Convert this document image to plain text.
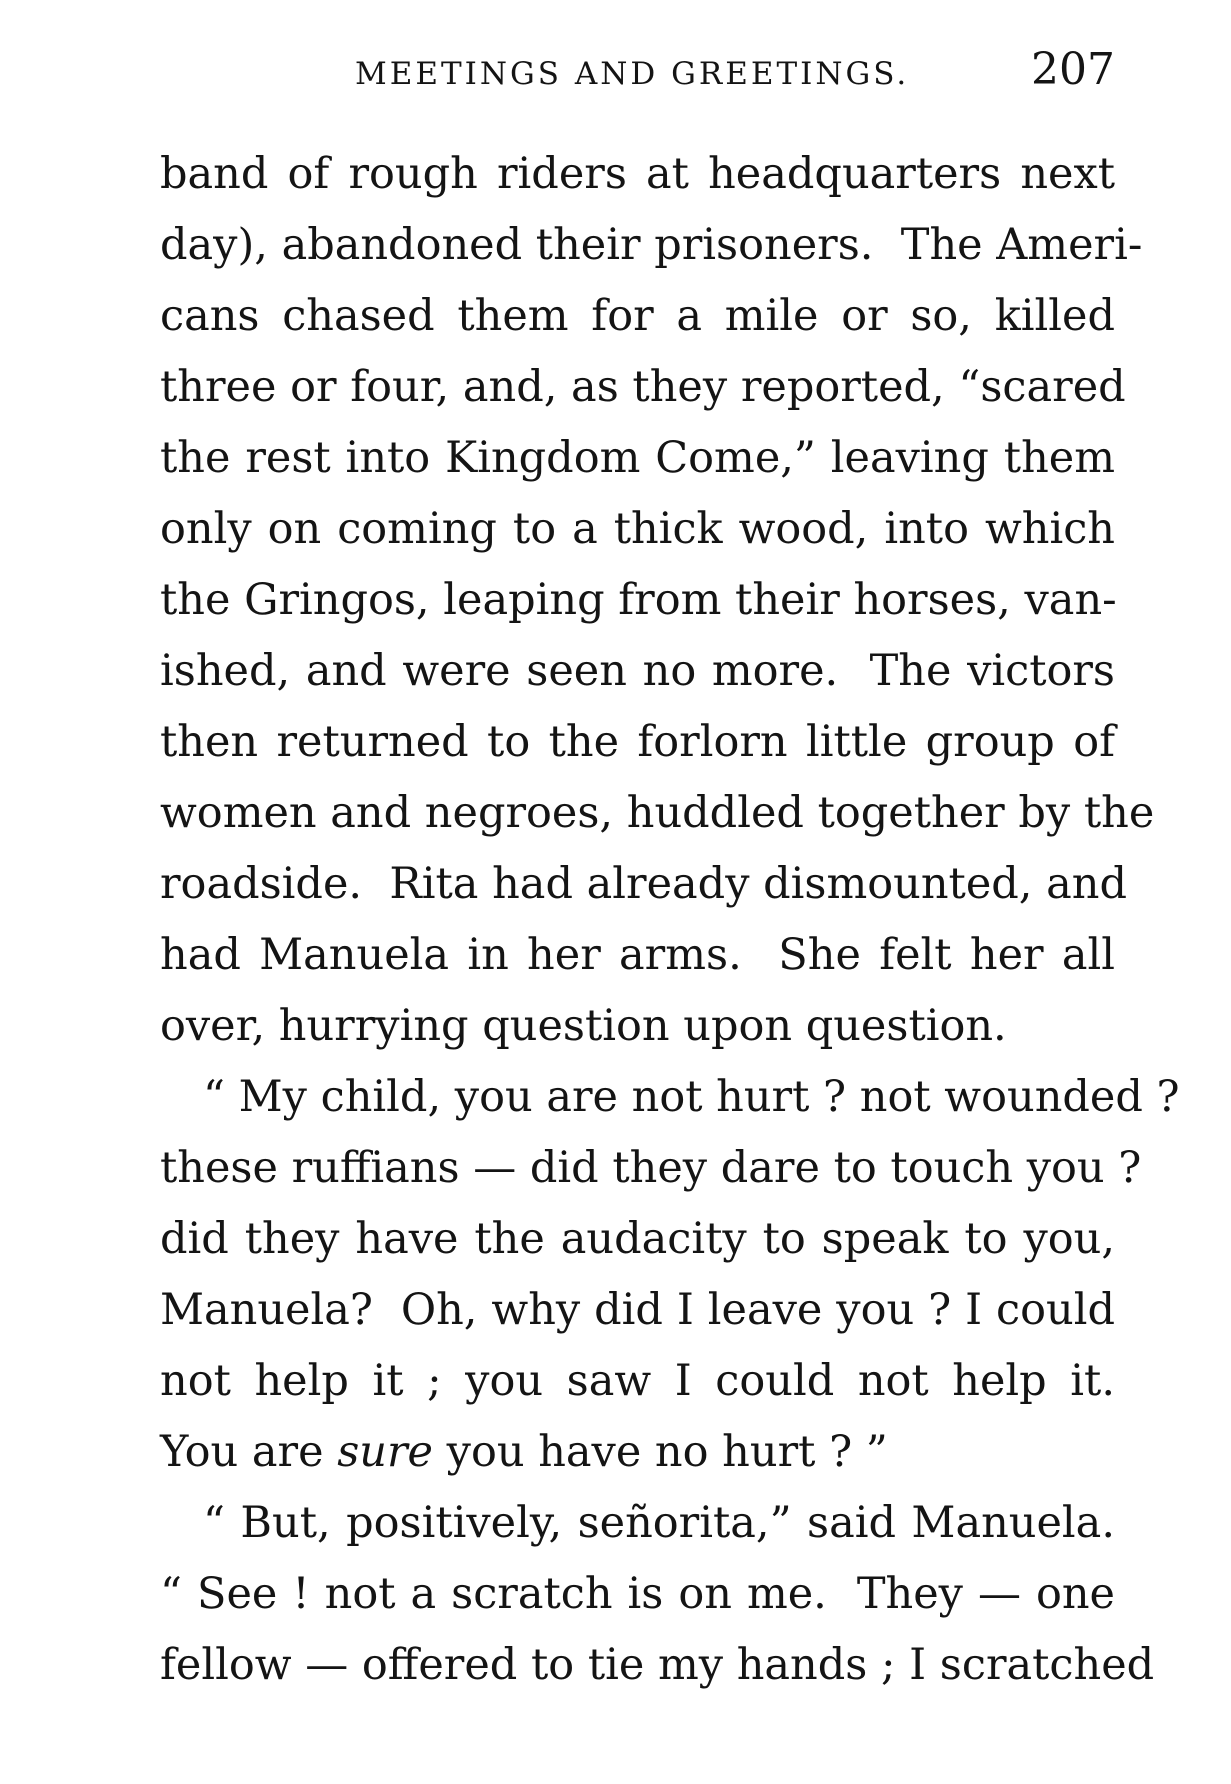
MEETINGS AND GREETINGS.	207
band of rough riders at headquarters next
day), abandoned their prisoners.  The Ameri-
cans chased them for a mile or so, killed
three or four, and, as they reported, “scared
the rest into Kingdom Come,” leaving them
only on coming to a thick wood, into which
the Gringos, leaping from their horses, van-
ished, and were seen no more.  The victors
then returned to the forlorn little group of
women and negroes, huddled together by the
roadside.  Rita had already dismounted, and
had Manuela in her arms.  She felt her all
over, hurrying question upon question.
“ My child, you are not hurt ? not wounded ?
these ruffians — did they dare to touch you ?
did they have the audacity to speak to you,
Manuela?  Oh, why did I leave you ? I could
not help it ; you saw I could not help it.
You are sure you have no hurt ? ”
“ But, positively, señorita,” said Manuela.
“ See ! not a scratch is on me.  They — one
fellow — offered to tie my hands ; I scratched
